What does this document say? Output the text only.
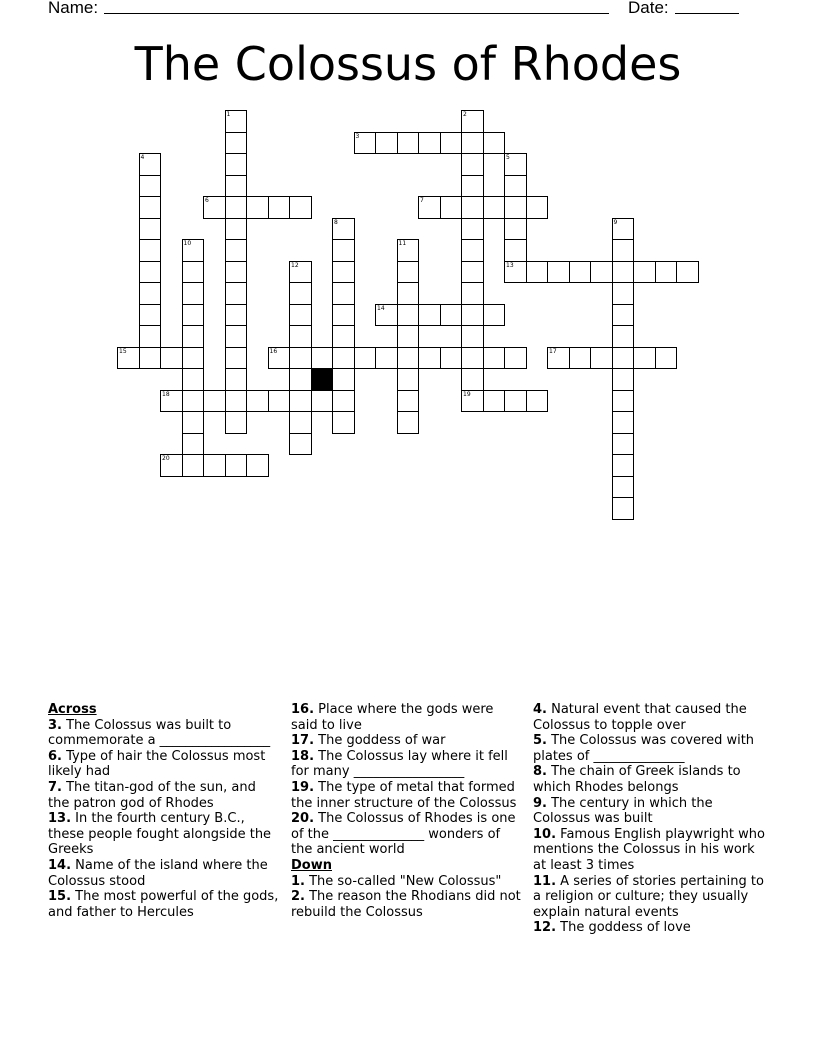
Name:	Date:
The Colossus of Rhodes
1	2
19
3
4	5
6	7
8	9
10	11
12	13
14
15	16	17
18
20
Across
3. The Colossus was built to commemorate a _________________
6. Type of hair the Colossus most likely had
7. The titan-god of the sun, and the patron god of Rhodes
13. In the fourth century B.C., these people fought alongside the Greeks
14. Name of the island where the Colossus stood
15. The most powerful of the gods, and father to Hercules
16. Place where the gods were said to live
17. The goddess of war
18. The Colossus lay where it fell for many _________________
19. The type of metal that formed the inner structure of the Colossus
20. The Colossus of Rhodes is one of the ______________ wonders of the ancient world
Down
1. The so-called "New Colossus"
2. The reason the Rhodians did not rebuild the Colossus
4. Natural event that caused the Colossus to topple over
5. The Colossus was covered with plates of ______________
8. The chain of Greek islands to which Rhodes belongs
9. The century in which the Colossus was built
10. Famous English playwright who mentions the Colossus in his work at least 3 times
11. A series of stories pertaining to a religion or culture; they usually explain natural events
12. The goddess of love
